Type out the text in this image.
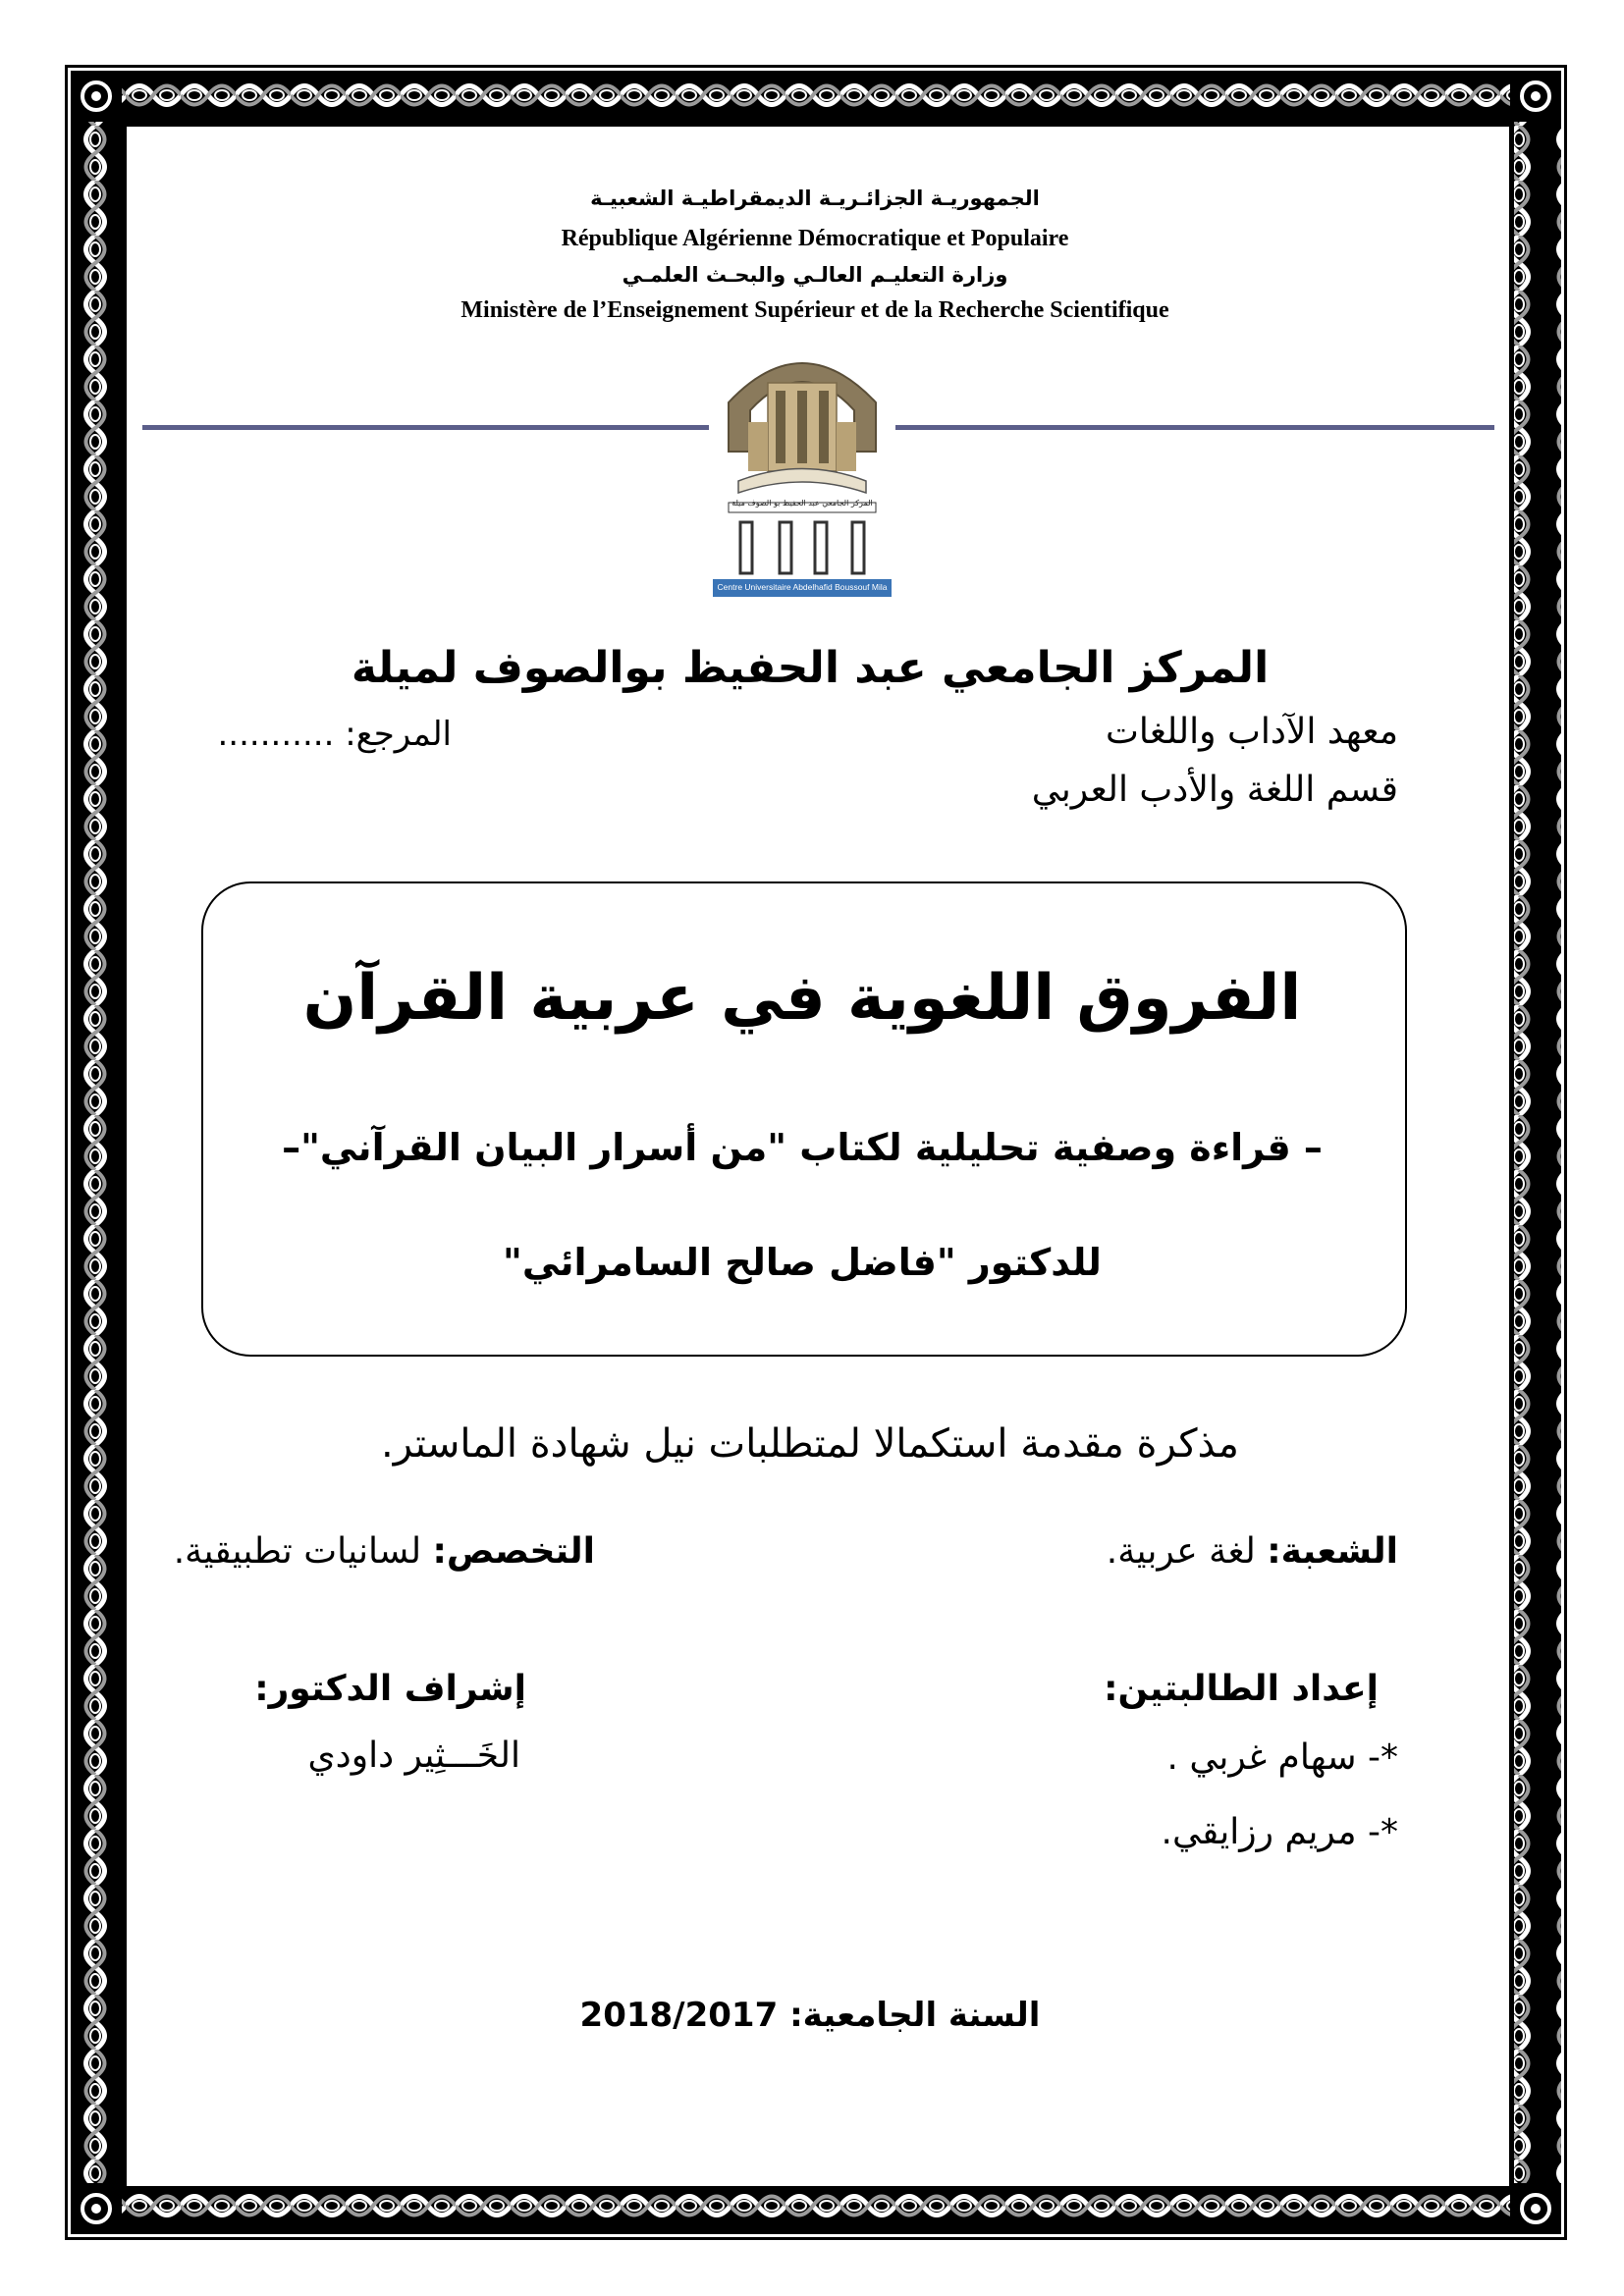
الجمهوريـة الجزائـريـة الديمقراطيـة الشعبيـة
République Algérienne Démocratique et Populaire
وزارة التعليـم العالـي والبحـث العلمـي
Ministère de l’Enseignement Supérieur et de la Recherche Scientifique
المركز الجامعي عبد الحفيظ بو الصوف ميلة
Centre Universitaire Abdelhafid Boussouf Mila
المركز الجامعي عبد الحفيظ بوالصوف لميلة
المرجع: ...........	معهد الآداب واللغات
قسم اللغة والأدب العربي
الفروق اللغوية في عربية القرآن
– قراءة وصفية تحليلية لكتاب "من أسرار البيان القرآني"–
للدكتور "فاضل صالح السامرائي"
مذكرة مقدمة استكمالا لمتطلبات نيل شهادة الماستر.
الشعبة: لغة عربية.
التخصص: لسانيات تطبيقية.
إعداد الطالبتين:
*- سهام غربي .
*- مريم رزايقي.
إشراف الدكتور:
الخَـــثِير داودي
السنة الجامعية: 2018/2017
